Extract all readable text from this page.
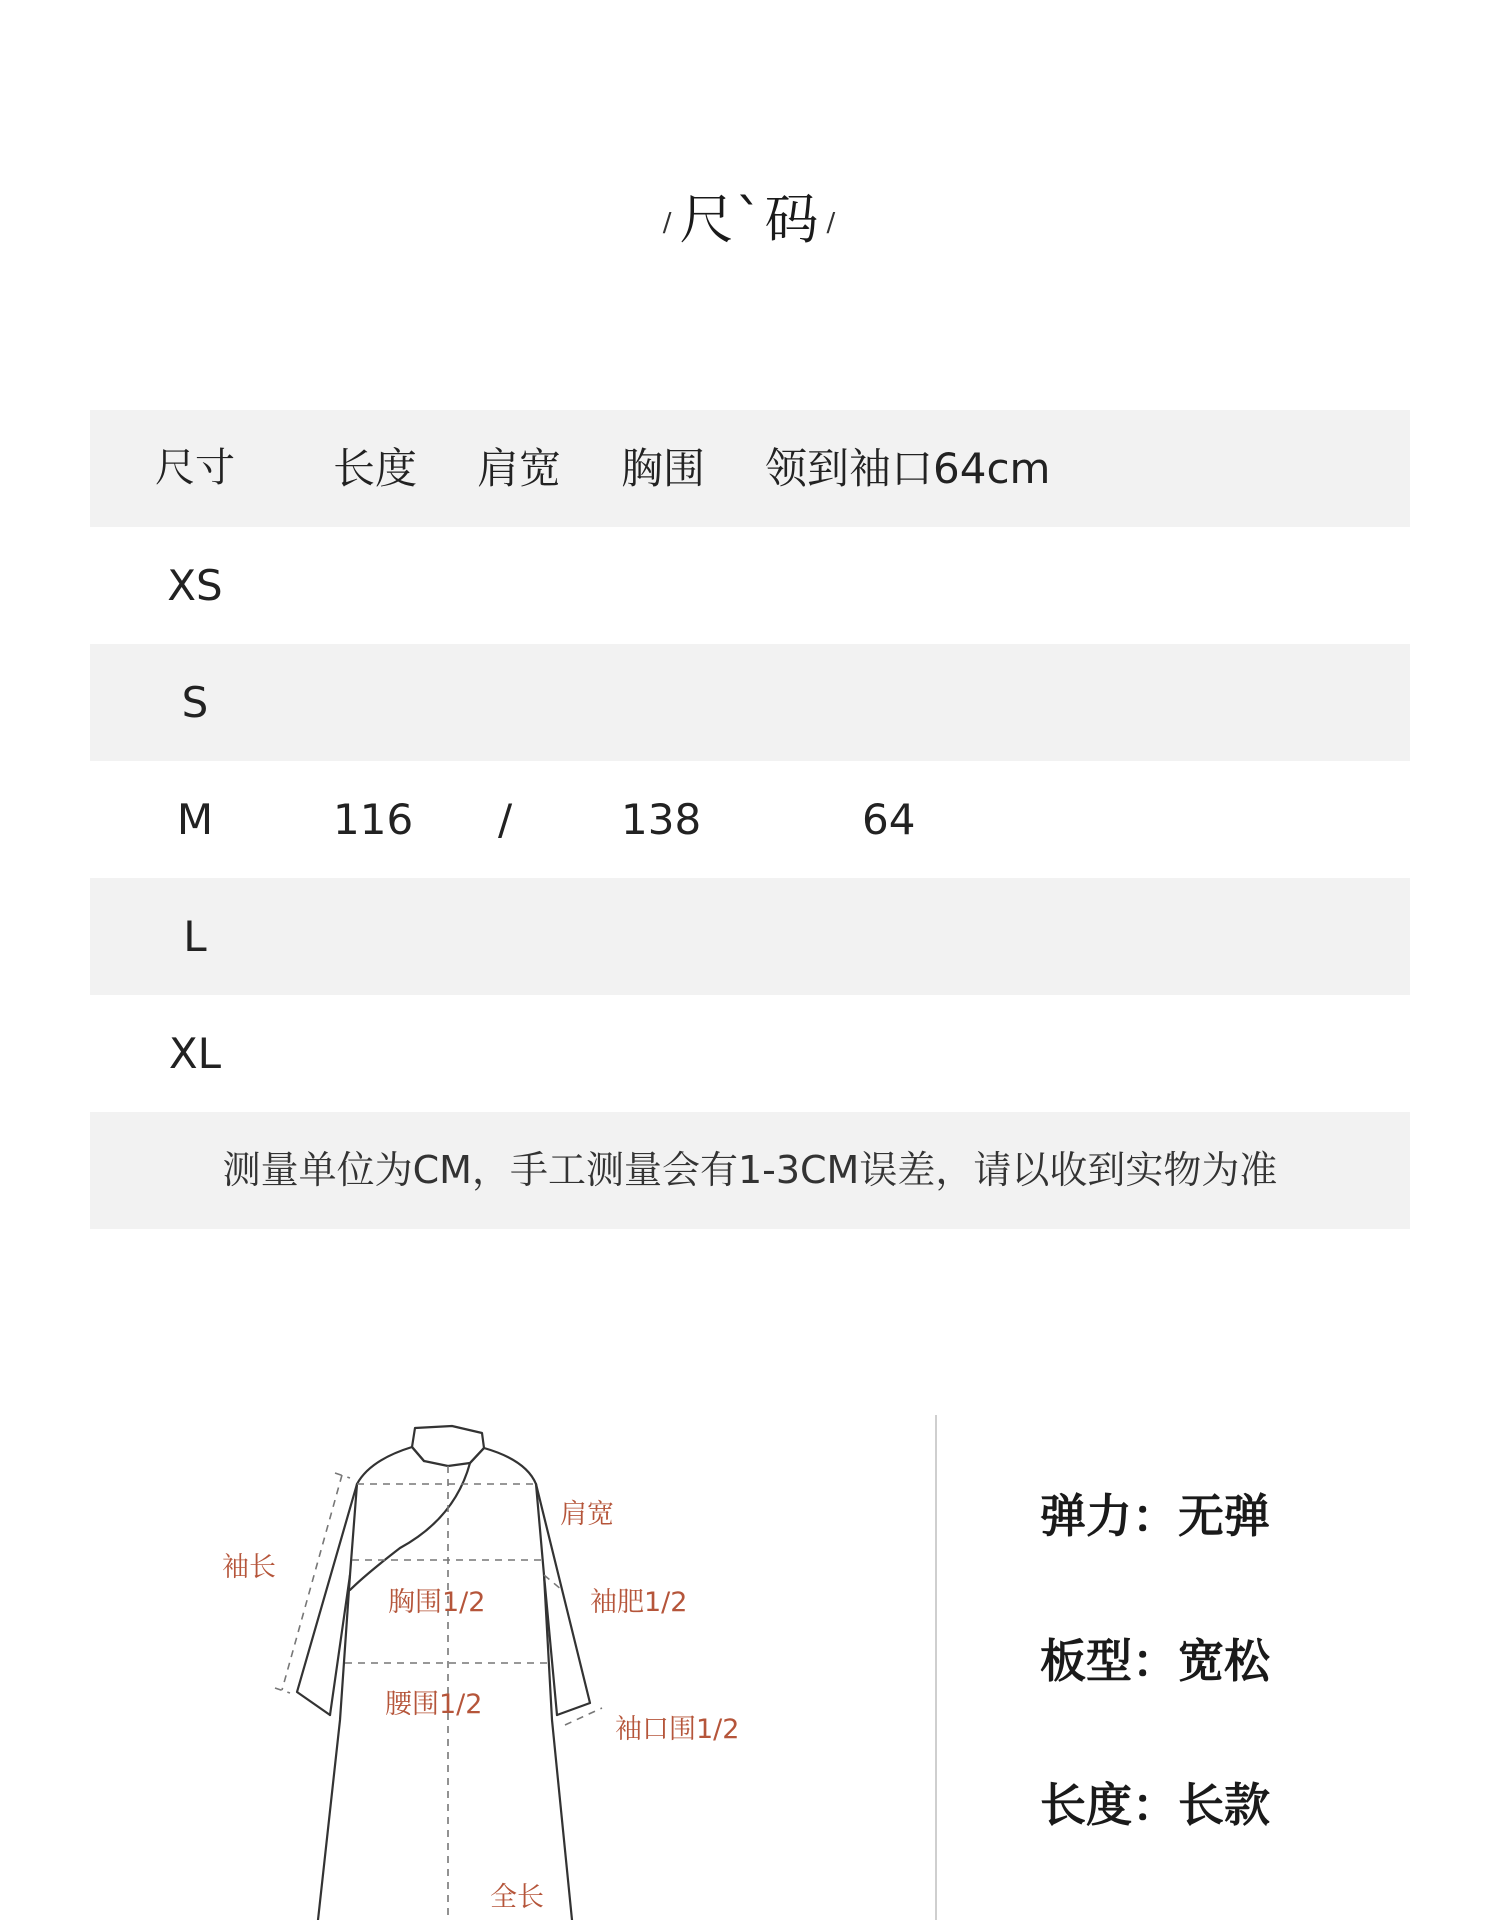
/ 尺`码 /
尺寸	长度 肩宽 胸围 领到袖口64cm
XS
S
M	116 /	138	64
L
XL
测量单位为CM，手工测量会有1-3CM误差，请以收到实物为准
肩宽
袖长
胸围1/2	袖肥1/2
腰围1/2
袖口围1/2
全长
弹力：无弹
板型：宽松
长度：长款
